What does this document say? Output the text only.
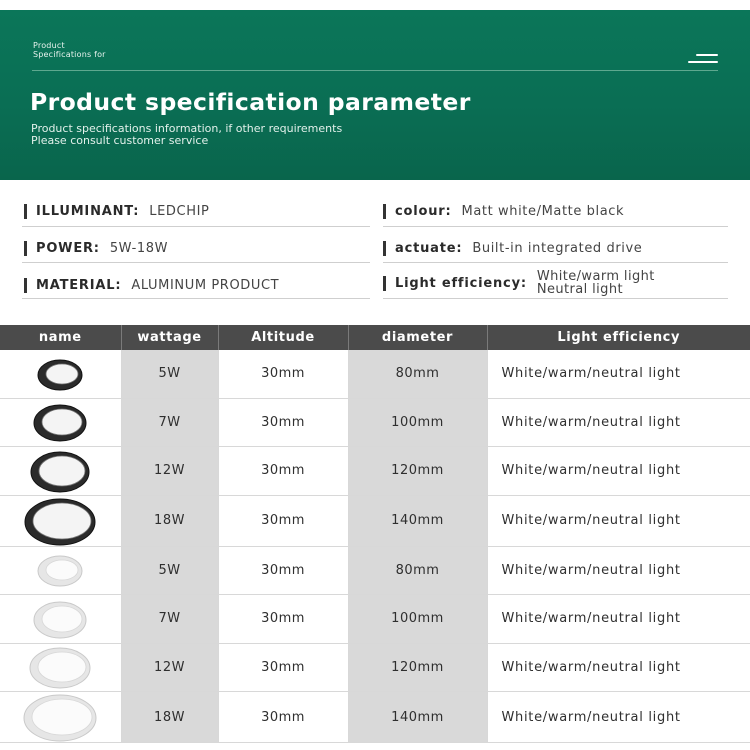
Product
Specifications for
Product specification parameter
Product specifications information, if other requirements
Please consult customer service
ILLUMINANT: LEDCHIP	colour: Matt white/Matte black
POWER: 5W-18W	actuate: Built-in integrated drive
MATERIAL: ALUMINUM PRODUCT	Light efficiency: White/warm light
Neutral light
name	wattage	Altitude	diameter	Light efficiency

	5W	30mm	80mm	White/warm/neutral light

	7W	30mm	100mm	White/warm/neutral light

	12W	30mm	120mm	White/warm/neutral light

	18W	30mm	140mm	White/warm/neutral light

	5W	30mm	80mm	White/warm/neutral light

	7W	30mm	100mm	White/warm/neutral light

	12W	30mm	120mm	White/warm/neutral light

	18W	30mm	140mm	White/warm/neutral light
